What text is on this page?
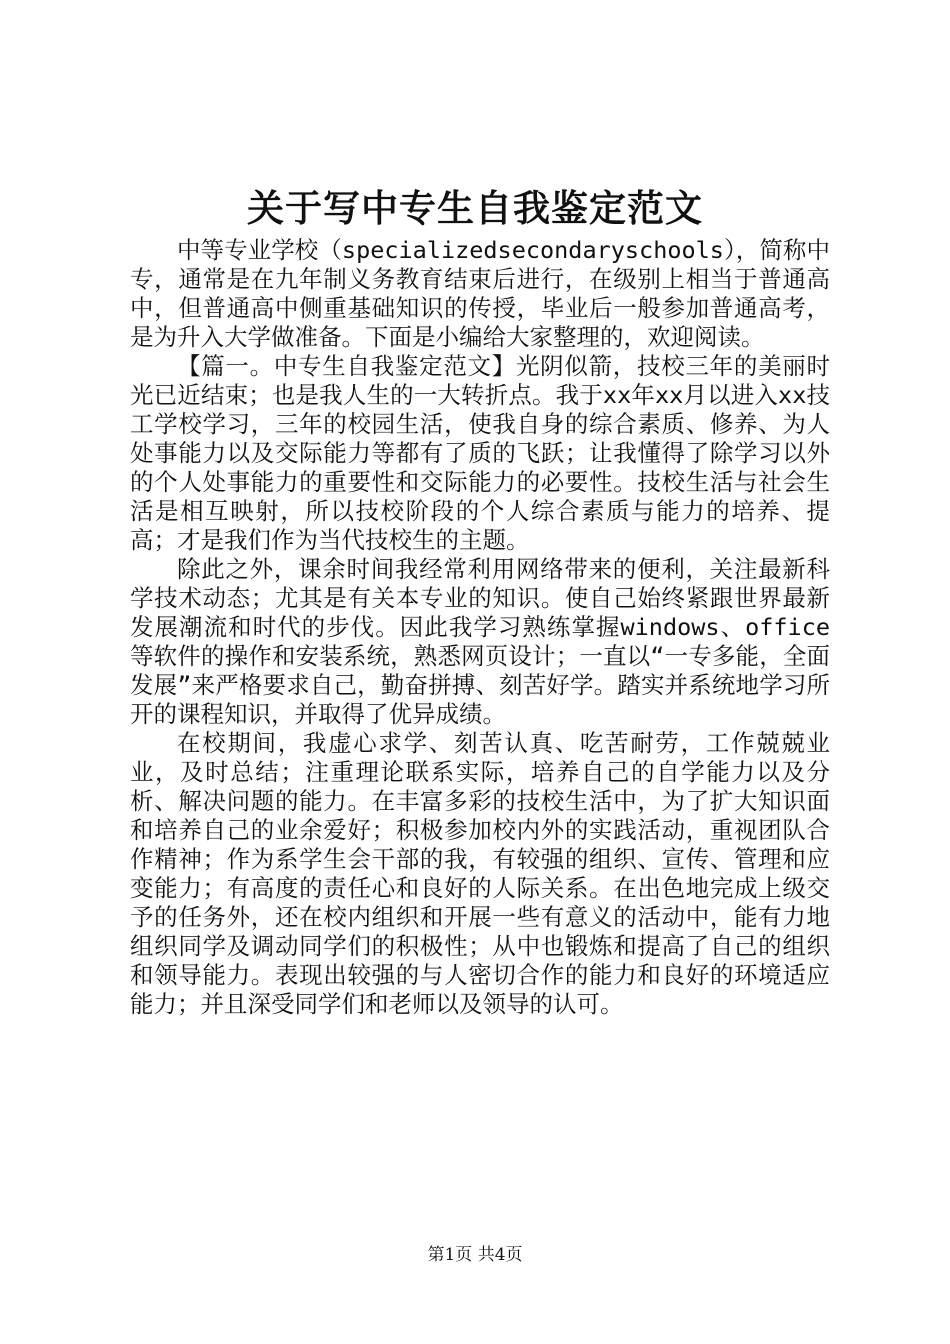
关于写中专生自我鉴定范文

中等专业学校（specializedsecondaryschools），简称中专，通常是在九年制义务教育结束后进行，在级别上相当于普通高中，但普通高中侧重基础知识的传授，毕业后一般参加普通高考，是为升入大学做准备。下面是小编给大家整理的，欢迎阅读。

【篇一。中专生自我鉴定范文】光阴似箭，技校三年的美丽时光已近结束；也是我人生的一大转折点。我于xx年xx月以进入xx技工学校学习，三年的校园生活，使我自身的综合素质、修养、为人处事能力以及交际能力等都有了质的飞跃；让我懂得了除学习以外的个人处事能力的重要性和交际能力的必要性。技校生活与社会生活是相互映射，所以技校阶段的个人综合素质与能力的培养、提高；才是我们作为当代技校生的主题。

除此之外，课余时间我经常利用网络带来的便利，关注最新科学技术动态；尤其是有关本专业的知识。使自己始终紧跟世界最新发展潮流和时代的步伐。因此我学习熟练掌握windows、office等软件的操作和安装系统，熟悉网页设计；一直以“一专多能，全面发展”来严格要求自己，勤奋拼搏、刻苦好学。踏实并系统地学习所开的课程知识，并取得了优异成绩。

在校期间，我虚心求学、刻苦认真、吃苦耐劳，工作兢兢业业，及时总结；注重理论联系实际，培养自己的自学能力以及分析、解决问题的能力。在丰富多彩的技校生活中，为了扩大知识面和培养自己的业余爱好；积极参加校内外的实践活动，重视团队合作精神；作为系学生会干部的我，有较强的组织、宣传、管理和应变能力；有高度的责任心和良好的人际关系。在出色地完成上级交予的任务外，还在校内组织和开展一些有意义的活动中，能有力地组织同学及调动同学们的积极性；从中也锻炼和提高了自己的组织和领导能力。表现出较强的与人密切合作的能力和良好的环境适应能力；并且深受同学们和老师以及领导的认可。

第1页 共4页
